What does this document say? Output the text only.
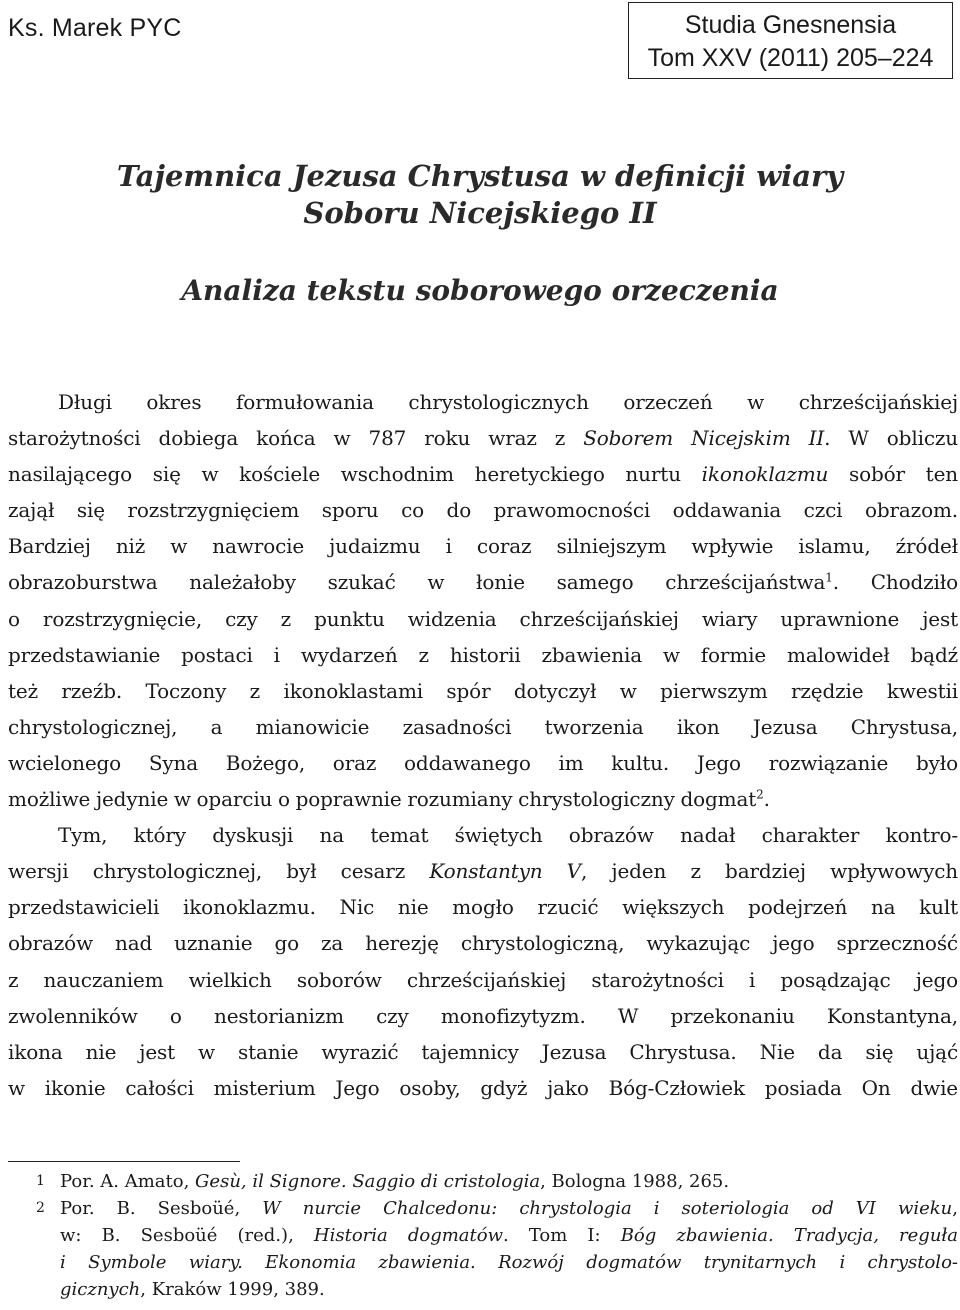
Ks. Marek PYC	Studia Gnesnensia
Tom XXV (2011) 205–224
Tajemnica Jezusa Chrystusa w definicji wiary
Soboru Nicejskiego II
Analiza tekstu soborowego orzeczenia
Długi okres formułowania chrystologicznych orzeczeń w chrześcijańskiej
starożytności dobiega końca w 787 roku wraz z Soborem Nicejskim II. W obliczu
nasilającego się w kościele wschodnim heretyckiego nurtu ikonoklazmu sobór ten
zajął się rozstrzygnięciem sporu co do prawomocności oddawania czci obrazom.
Bardziej niż w nawrocie judaizmu i coraz silniejszym wpływie islamu, źródeł
obrazoburstwa należałoby szukać w łonie samego chrześcijaństwa$^1$. Chodziło
o rozstrzygnięcie, czy z punktu widzenia chrześcijańskiej wiary uprawnione jest
przedstawianie postaci i wydarzeń z historii zbawienia w formie malowideł bądź
też rzeźb. Toczony z ikonoklastami spór dotyczył w pierwszym rzędzie kwestii
chrystologicznej, a mianowicie zasadności tworzenia ikon Jezusa Chrystusa,
wcielonego Syna Bożego, oraz oddawanego im kultu. Jego rozwiązanie było
możliwe jedynie w oparciu o poprawnie rozumiany chrystologiczny dogmat$^2$.
Tym, który dyskusji na temat świętych obrazów nadał charakter kontro-
wersji chrystologicznej, był cesarz Konstantyn V, jeden z bardziej wpływowych
przedstawicieli ikonoklazmu. Nic nie mogło rzucić większych podejrzeń na kult
obrazów nad uznanie go za herezję chrystologiczną, wykazując jego sprzeczność
z nauczaniem wielkich soborów chrześcijańskiej starożytności i posądzając jego
zwolenników o nestorianizm czy monofizytyzm. W przekonaniu Konstantyna,
ikona nie jest w stanie wyrazić tajemnicy Jezusa Chrystusa. Nie da się ująć
w ikonie całości misterium Jego osoby, gdyż jako Bóg-Człowiek posiada On dwie
1 Por. A. Amato, Gesù, il Signore. Saggio di cristologia, Bologna 1988, 265.
2 Por. B. Sesboüé, W nurcie Chalcedonu: chrystologia i soteriologia od VI wieku,
w: B. Sesboüé (red.), Historia dogmatów. Tom I: Bóg zbawienia. Tradycja, reguła
i Symbole wiary. Ekonomia zbawienia. Rozwój dogmatów trynitarnych i chrystolo-
gicznych, Kraków 1999, 389.
